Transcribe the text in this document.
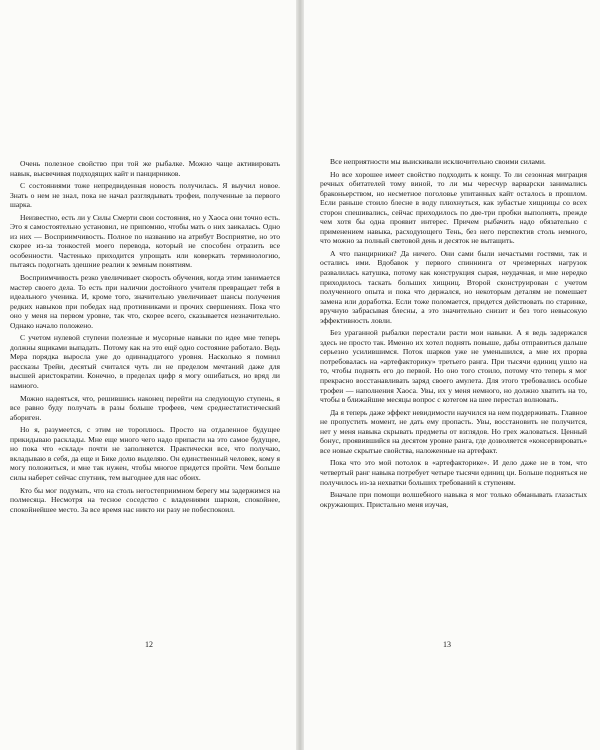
Очень полезное свойство при той же рыбалке. Можно чаще активировать навык, высвечивая подходящих кайт и панцирников.

С состояниями тоже непредвиденная новость получилась. Я выучил новое. Знать о нем не знал, пока не начал разглядывать трофеи, полученные за первого шарка.

Неизвестно, есть ли у Силы Смерти свои состояния, но у Хаоса они точно есть. Это я самостоятельно установил, не припомню, чтобы мать о них заикалась. Одно из них — Восприимчивость. Полное по названию на атрибут Восприятие, но это скорее из-за тонкостей моего перевода, который не способен отразить все особенности. Частенько приходится упрощать или коверкать терминологию, пытаясь подогнать здешние реалии к земным понятиям.

Восприимчивость резко увеличивает скорость обучения, когда этим занимается мастер своего дела. То есть при наличии достойного учителя превращает тебя в идеального ученика. И, кроме того, значительно увеличивает шансы получения редких навыков при победах над противниками и прочих свершениях. Пока что оно у меня на первом уровне, так что, скорее всего, сказывается незначительно. Однако начало положено.

С учетом нулевой ступени полезные и мусорные навыки по идее мне теперь должны ящиками выпадать. Потому как на это ещё одно состояние работало. Ведь Мера порядка выросла уже до одиннадцатого уровня. Насколько я помнил рассказы Трейи, десятый считался чуть ли не пределом мечтаний даже для высшей аристократии. Конечно, в пределах цифр я могу ошибаться, но вряд ли намного.

Можно надеяться, что, решившись наконец перейти на следующую ступень, я все равно буду получать в разы больше трофеев, чем среднестатистический абориген.

Но я, разумеется, с этим не тороплюсь. Просто на отдаленное будущее прикидываю расклады. Мне еще много чего надо припасти на это самое будущее, но пока что «склад» почти не заполняется. Практически все, что получаю, вкладываю в себя, да еще и Бике долю выделяю. Он единственный человек, кому я могу положиться, и мне так нужен, чтобы многое придется пройти. Чем больше силы наберет сейчас спутник, тем выгоднее для нас обоих.

Кто бы мог подумать, что на столь негостеприимном берегу мы задержимся на полмесяца. Несмотря на тесное соседство с владениями шарков, спокойнее, спокойнейшее место. За все время нас никто ни разу не побеспокоил.

Все неприятности мы выискивали исключительно своими силами.

Но все хорошее имеет свойство подходить к концу. То ли сезонная миграция речных обитателей тому виной, то ли мы чересчур варварски занимались браконьерством, но несметное поголовье упитанных кайт осталось в прошлом. Если раньше стоило блесне в воду плюхнуться, как зубастые хищницы со всех сторон спешивались, сейчас приходилось по две-три пробки выполнять, прежде чем хотя бы одна проявит интерес. Причем рыбачить надо обязательно с применением навыка, расходующего Тень, без него перспектив столь немного, что можно за полный световой день и десяток не вытащить.

А что панцирники? Да ничего. Они сами были нечастыми гостями, так и остались ими. Вдобавок у первого спиннинга от чрезмерных нагрузок развалилась катушка, потому как конструкция сырая, неудачная, и мне нередко приходилось таскать больших хищниц. Второй сконструирован с учетом полученного опыта и пока что держался, но некоторым деталям не помешает замена или доработка. Если тоже поломается, придется действовать по старинке, вручную забрасывая блесны, а это значительно снизит и без того невысокую эффективность ловли.

Без ураганной рыбалки перестали расти мои навыки. А я ведь задержался здесь не просто так. Именно их хотел поднять повыше, дабы отправиться дальше серьезно усилившимся. Поток шарков уже не уменьшился, а мне их прорва потребовалась на «артефакторику» третьего ранга. При тысячи единиц ушло на то, чтобы поднять его до первой. Но оно того стоило, потому что теперь я мог прекрасно восстанавливать заряд своего амулета. Для этого требовались особые трофеи — наполнения Хаоса. Увы, их у меня немного, но должно хватить на то, чтобы в ближайшие месяцы вопрос с котегом на шее перестал волновать.

Да я теперь даже эффект невидимости научился на нем поддерживать. Главное не пропустить момент, не дать ему пропасть. Увы, восстановить не получится, нет у меня навыка скрывать предметы от взглядов. Но грех жаловаться. Ценный бонус, проявившийся на десятом уровне ранга, где дозволяется «консервировать» все новые скрытые свойства, наложенные на артефакт.

Пока что это мой потолок в «артефакторике». И дело даже не в том, что четвертый ранг навыка потребует четыре тысячи единиц ци. Больше подняться не получилось из-за нехватки больших требований к ступеням.

Вначале при помощи волшебного навыка я мог только обманывать глазастых окружающих. Пристально меня изучая,

12	13
